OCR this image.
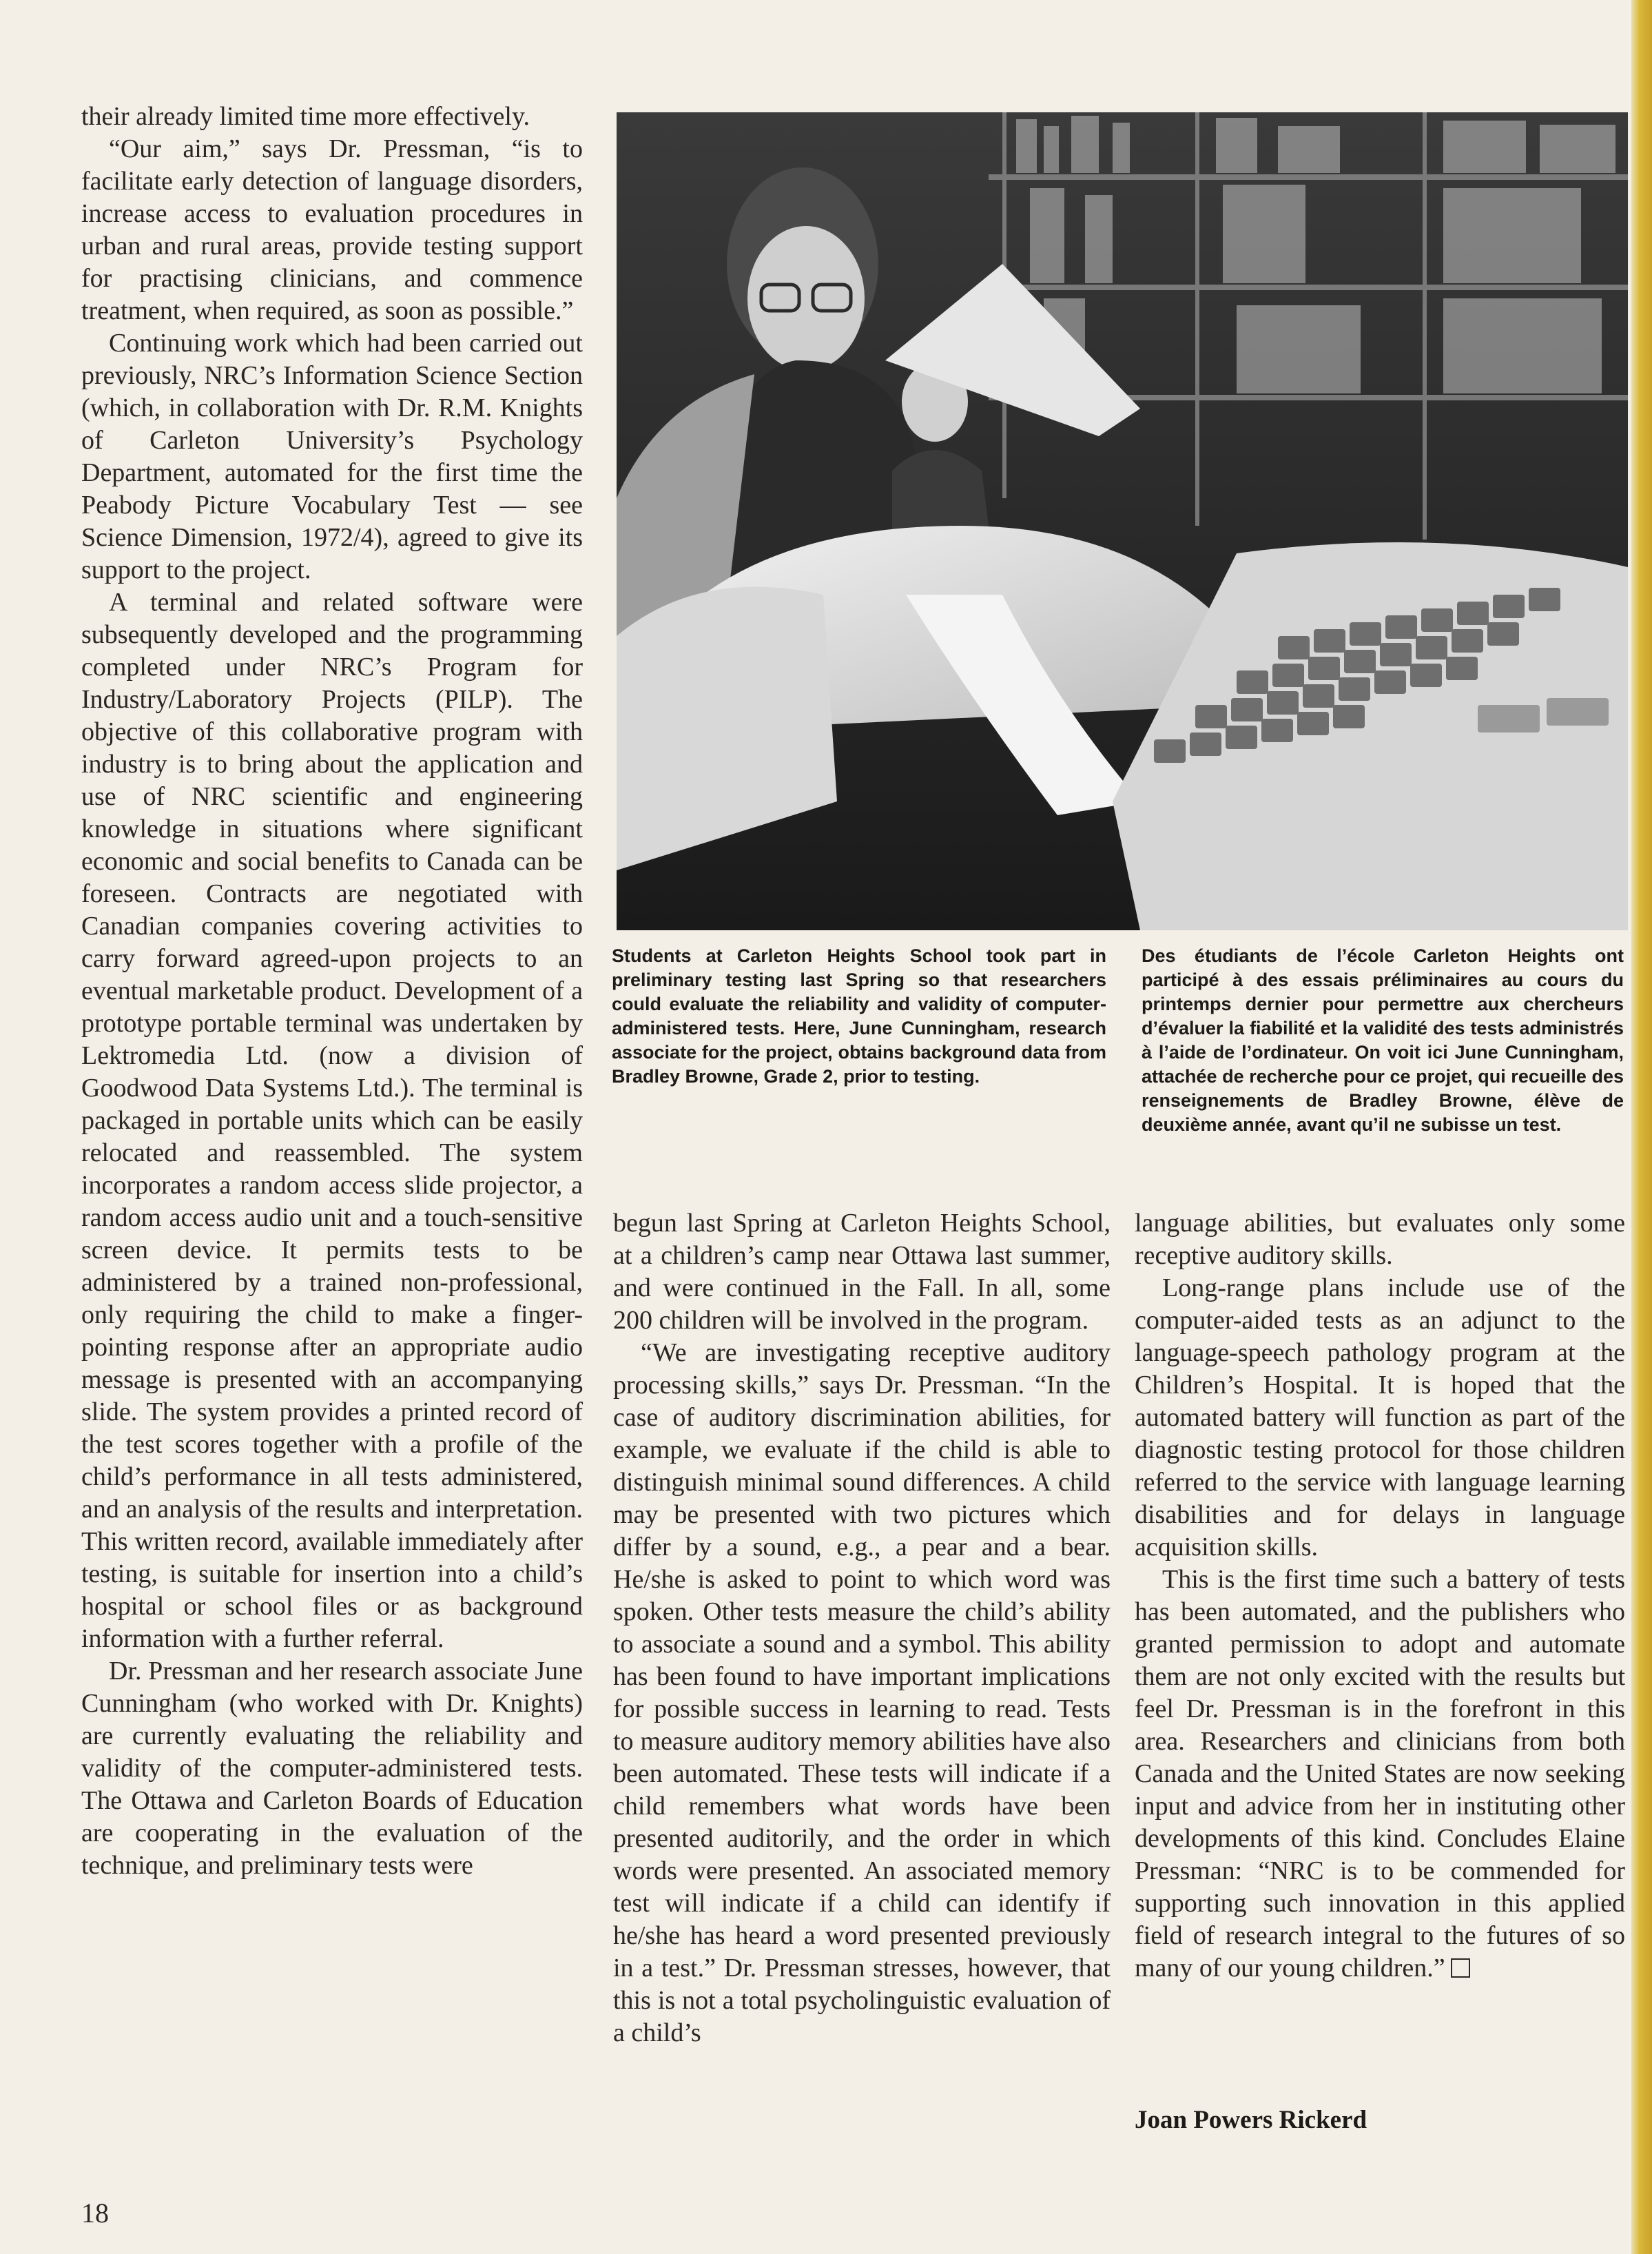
their already limited time more effectively.

“Our aim,” says Dr. Pressman, “is to facilitate early detection of language disorders, increase access to evaluation procedures in urban and rural areas, provide testing support for practising clinicians, and commence treatment, when required, as soon as possible.”

Continuing work which had been carried out previously, NRC’s Information Science Section (which, in collaboration with Dr. R.M. Knights of Carleton University’s Psychology Department, automated for the first time the Peabody Picture Vocabulary Test — see Science Dimension, 1972/4), agreed to give its support to the project.

A terminal and related software were subsequently developed and the programming completed under NRC’s Program for Industry/Laboratory Projects (PILP). The objective of this collaborative program with industry is to bring about the application and use of NRC scientific and engineering knowledge in situations where significant economic and social benefits to Canada can be foreseen. Contracts are negotiated with Canadian companies covering activities to carry forward agreed-upon projects to an eventual marketable product. Development of a prototype portable terminal was undertaken by Lektromedia Ltd. (now a division of Goodwood Data Systems Ltd.). The terminal is packaged in portable units which can be easily relocated and reassembled. The system incorporates a random access slide projector, a random access audio unit and a touch-sensitive screen device. It permits tests to be administered by a trained non-professional, only requiring the child to make a finger-pointing response after an appropriate audio message is presented with an accompanying slide. The system provides a printed record of the test scores together with a profile of the child’s performance in all tests administered, and an analysis of the results and interpretation. This written record, available immediately after testing, is suitable for insertion into a child’s hospital or school files or as background information with a further referral.

Dr. Pressman and her research associate June Cunningham (who worked with Dr. Knights) are currently evaluating the reliability and validity of the computer-administered tests. The Ottawa and Carleton Boards of Education are cooperating in the evaluation of the technique, and preliminary tests were

Students at Carleton Heights School took part in preliminary testing last Spring so that researchers could evaluate the reliability and validity of computer-administered tests. Here, June Cunningham, research associate for the project, obtains background data from Bradley Browne, Grade 2, prior to testing.

Des étudiants de l’école Carleton Heights ont participé à des essais préliminaires au cours du printemps dernier pour permettre aux chercheurs d’évaluer la fiabilité et la validité des tests administrés à l’aide de l’ordinateur. On voit ici June Cunningham, attachée de recherche pour ce projet, qui recueille des renseignements de Bradley Browne, élève de deuxième année, avant qu’il ne subisse un test.

begun last Spring at Carleton Heights School, at a children’s camp near Ottawa last summer, and were continued in the Fall. In all, some 200 children will be involved in the program.

“We are investigating receptive auditory processing skills,” says Dr. Pressman. “In the case of auditory discrimination abilities, for example, we evaluate if the child is able to distinguish minimal sound differences. A child may be presented with two pictures which differ by a sound, e.g., a pear and a bear. He/she is asked to point to which word was spoken. Other tests measure the child’s ability to associate a sound and a symbol. This ability has been found to have important implications for possible success in learning to read. Tests to measure auditory memory abilities have also been automated. These tests will indicate if a child remembers what words have been presented auditorily, and the order in which words were presented. An associated memory test will indicate if a child can identify if he/she has heard a word presented previously in a test.” Dr. Pressman stresses, however, that this is not a total psycholinguistic evaluation of a child’s

language abilities, but evaluates only some receptive auditory skills.

Long-range plans include use of the computer-aided tests as an adjunct to the language-speech pathology program at the Children’s Hospital. It is hoped that the automated battery will function as part of the diagnostic testing protocol for those children referred to the service with language learning disabilities and for delays in language acquisition skills.

This is the first time such a battery of tests has been automated, and the publishers who granted permission to adopt and automate them are not only excited with the results but feel Dr. Pressman is in the forefront in this area. Researchers and clinicians from both Canada and the United States are now seeking input and advice from her in instituting other developments of this kind. Concludes Elaine Pressman: “NRC is to be commended for supporting such innovation in this applied field of research integral to the futures of so many of our young children.”

Joan Powers Rickerd
18
